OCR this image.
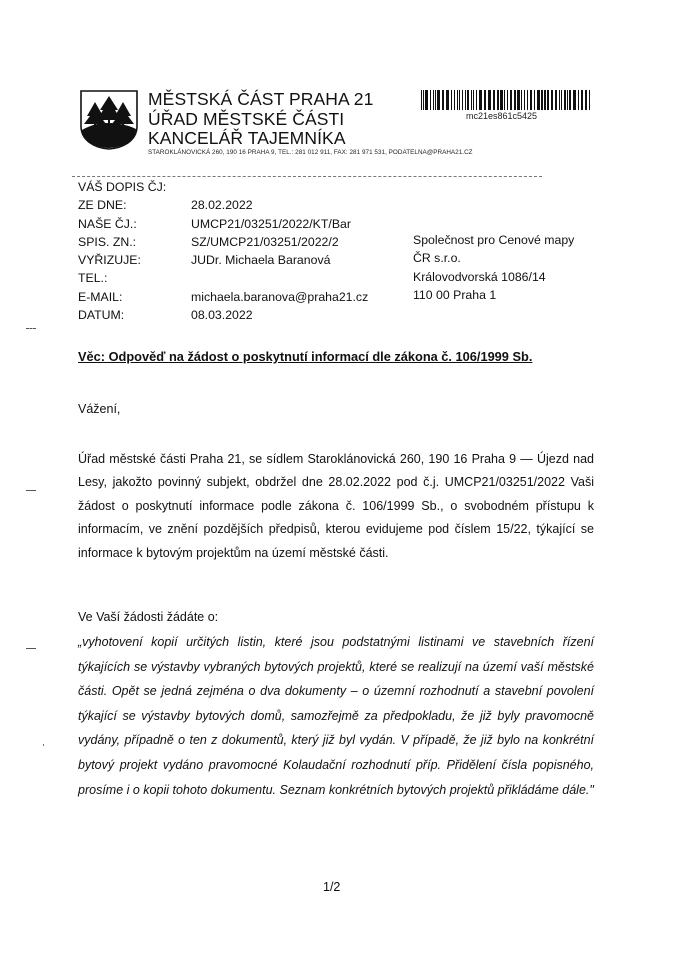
MĚSTSKÁ ČÁST PRAHA 21
ÚŘAD MĚSTSKÉ ČÁSTI
KANCELÁŘ TAJEMNÍKA
STAROKLÁNOVICKÁ 260, 190 16 PRAHA 9, TEL.: 281 012 911, FAX: 281 971 531, PODATELNA@PRAHA21.CZ
mc21es861c5425
VÁŠ DOPIS ČJ:
ZE DNE:	28.02.2022
NAŠE ČJ.:	UMCP21/03251/2022/KT/Bar
SPIS. ZN.:	SZ/UMCP21/03251/2022/2
VYŘIZUJE:	JUDr. Michaela Baranová
TEL.:
E-MAIL:	michaela.baranova@praha21.cz
DATUM:	08.03.2022
Společnost pro Cenové mapy
ČR s.r.o.
Královodvorská 1086/14
110 00 Praha 1
Věc: Odpověď na žádost o poskytnutí informací dle zákona č. 106/1999 Sb.
Vážení,
Úřad městské části Praha 21, se sídlem Staroklánovická 260, 190 16 Praha 9 — Újezd nad Lesy, jakožto povinný subjekt, obdržel dne 28.02.2022 pod č.j. UMCP21/03251/2022 Vaši žádost o poskytnutí informace podle zákona č. 106/1999 Sb., o svobodném přístupu k informacím, ve znění pozdějších předpisů, kterou evidujeme pod číslem 15/22, týkající se informace k bytovým projektům na území městské části.
Ve Vaší žádosti žádáte o:
„vyhotovení kopií určitých listin, které jsou podstatnými listinami ve stavebních řízení týkajících se výstavby vybraných bytových projektů, které se realizují na území vaší městské části. Opět se jedná zejména o dva dokumenty – o územní rozhodnutí a stavební povolení týkající se výstavby bytových domů, samozřejmě za předpokladu, že již byly pravomocně vydány, případně o ten z dokumentů, který již byl vydán. V případě, že již bylo na konkrétní bytový projekt vydáno pravomocné Kolaudační rozhodnutí příp. Přidělení čísla popisného, prosíme i o kopii tohoto dokumentu. Seznam konkrétních bytových projektů přikládáme dále."
1/2
